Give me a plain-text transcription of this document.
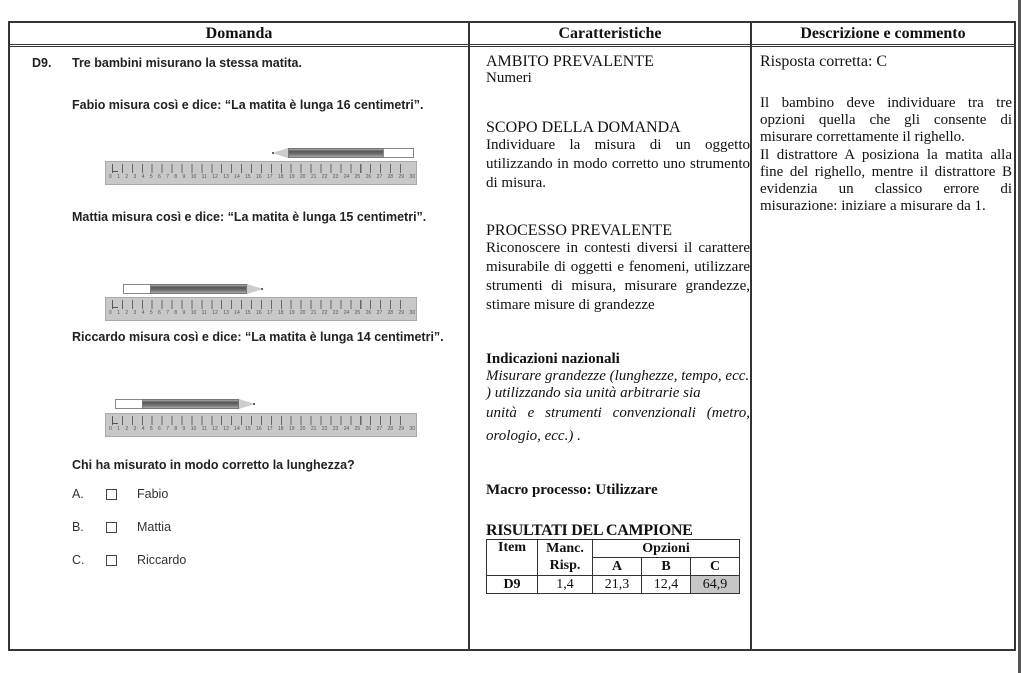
Domanda	Caratteristiche	Descrizione e commento
D9. Tre bambini misurano la stessa matita.
Fabio misura così e dice: “La matita è lunga 16 centimetri”.
0 1 2 3 4 5 6 7 8 9 10 11 12 13 14 15 16 17 18 19 20 21 22 23 24 25 26 27 28 29 30
Mattia misura così e dice: “La matita è lunga 15 centimetri”.
0 1 2 3 4 5 6 7 8 9 10 11 12 13 14 15 16 17 18 19 20 21 22 23 24 25 26 27 28 29 30
Riccardo misura così e dice: “La matita è lunga 14 centimetri”.
0 1 2 3 4 5 6 7 8 9 10 11 12 13 14 15 16 17 18 19 20 21 22 23 24 25 26 27 28 29 30
Chi ha misurato in modo corretto la lunghezza?
A.	Fabio
B.	Mattia
C.	Riccardo
AMBITO PREVALENTE
Numeri
SCOPO DELLA DOMANDA
Individuare la misura di un oggetto utilizzando in modo corretto uno strumento di misura.
PROCESSO PREVALENTE
Riconoscere in contesti diversi il carattere misurabile di oggetti e fenomeni, utilizzare strumenti di misura, misurare grandezze, stimare misure di grandezze
Indicazioni nazionali
Misurare grandezze (lunghezze, tempo, ecc.
) utilizzando sia unità arbitrarie sia
unità e strumenti convenzionali (metro, orologio, ecc.) .
Macro processo: Utilizzare
RISULTATI DEL CAMPIONE
Item	Manc.	Opzioni		
	Risp.	A	B	C
D9	1,4	21,3	12,4	64,9
Risposta corretta: C
Il bambino deve individuare tra tre opzioni quella che gli consente di misurare correttamente il righello.
Il distrattore A posiziona la matita alla fine del righello, mentre il distrattore B evidenzia un classico errore di misurazione: iniziare a misurare da 1.
